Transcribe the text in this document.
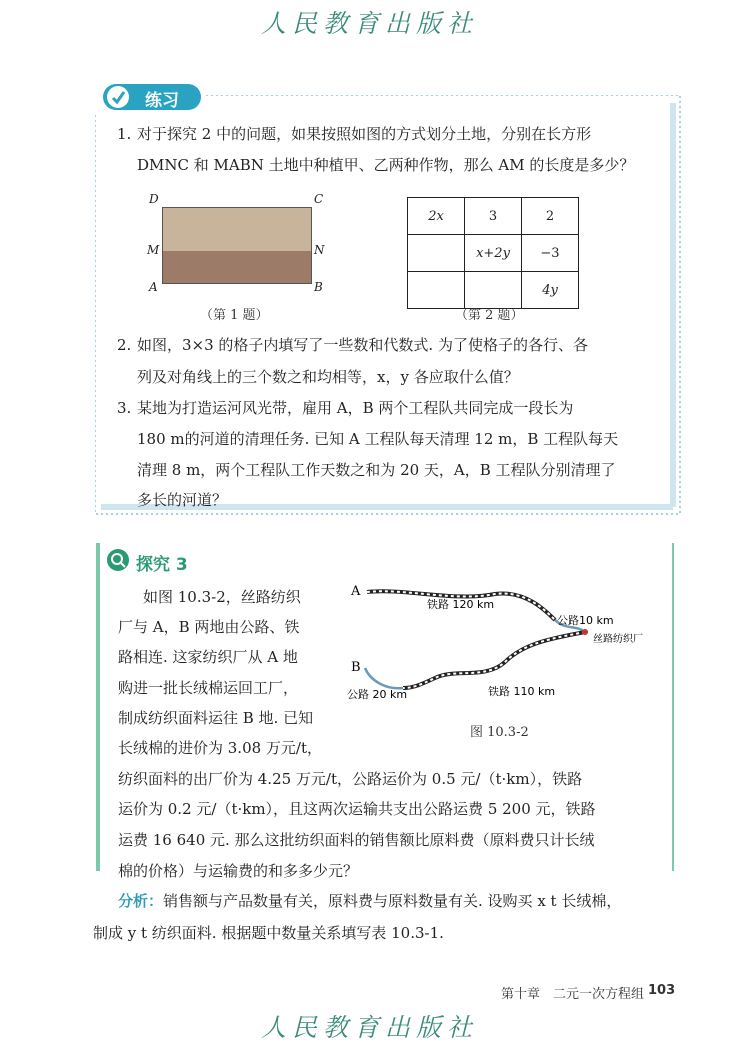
人民教育出版社
练习
1. 对于探究 2 中的问题，如果按照如图的方式划分土地，分别在长方形
DMNC 和 MABN 土地中种植甲、乙两种作物，那么 AM 的长度是多少？
D	C
M	N
A	B
（第 1 题）
2x	3	2
	x+2y	−3
		4y
（第 2 题）
2. 如图，3×3 的格子内填写了一些数和代数式. 为了使格子的各行、各
列及对角线上的三个数之和均相等，x，y 各应取什么值？
3. 某地为打造运河风光带，雇用 A，B 两个工程队共同完成一段长为
180 m的河道的清理任务. 已知 A 工程队每天清理 12 m，B 工程队每天
清理 8 m，两个工程队工作天数之和为 20 天，A，B 工程队分别清理了
多长的河道？
探究 3
如图 10.3-2，丝路纺织
厂与 A，B 两地由公路、铁
路相连. 这家纺织厂从 A 地
购进一批长绒棉运回工厂，
制成纺织面料运往 B 地. 已知
长绒棉的进价为 3.08 万元/t，
纺织面料的出厂价为 4.25 万元/t，公路运价为 0.5 元/（t·km），铁路
运价为 0.2 元/（t·km），且这两次运输共支出公路运费 5 200 元，铁路
运费 16 640 元. 那么这批纺织面料的销售额比原料费（原料费只计长绒
棉的价格）与运输费的和多多少元？
A
B
铁路 120 km
公路10 km
丝路纺织厂
公路 20 km	铁路 110 km
图 10.3-2
分析：销售额与产品数量有关，原料费与原料数量有关. 设购买 x t 长绒棉，
制成 y t 纺织面料. 根据题中数量关系填写表 10.3-1.
第十章　二元一次方程组 103
人民教育出版社
